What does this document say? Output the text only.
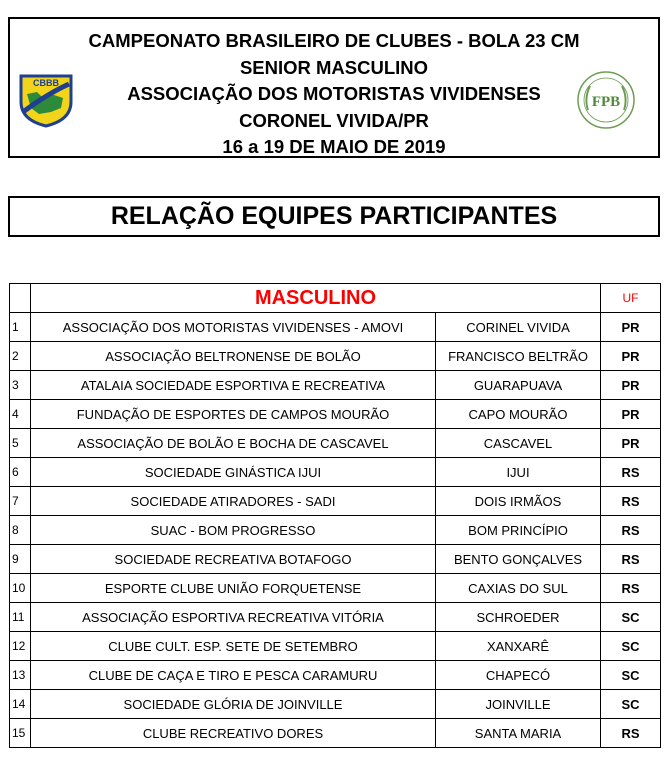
CAMPEONATO BRASILEIRO DE CLUBES - BOLA 23 CM
SENIOR MASCULINO
ASSOCIAÇÃO DOS MOTORISTAS VIVIDENSES
CORONEL VIVIDA/PR
16 a 19 DE MAIO DE 2019
CBBB
FPB
RELAÇÃO EQUIPES PARTICIPANTES
	MASCULINO		UF
1	ASSOCIAÇÃO DOS MOTORISTAS VIVIDENSES - AMOVI	CORINEL VIVIDA	PR
2	ASSOCIAÇÃO BELTRONENSE DE BOLÃO	FRANCISCO BELTRÃO	PR
3	ATALAIA SOCIEDADE ESPORTIVA E RECREATIVA	GUARAPUAVA	PR
4	FUNDAÇÃO DE ESPORTES DE CAMPOS MOURÃO	CAPO MOURÃO	PR
5	ASSOCIAÇÃO DE BOLÃO E BOCHA DE CASCAVEL	CASCAVEL	PR
6	SOCIEDADE GINÁSTICA IJUI	IJUI	RS
7	SOCIEDADE ATIRADORES - SADI	DOIS IRMÃOS	RS
8	SUAC - BOM PROGRESSO	BOM PRINCÍPIO	RS
9	SOCIEDADE RECREATIVA BOTAFOGO	BENTO GONÇALVES	RS
10	ESPORTE CLUBE UNIÃO FORQUETENSE	CAXIAS DO SUL	RS
11	ASSOCIAÇÃO ESPORTIVA RECREATIVA VITÓRIA	SCHROEDER	SC
12	CLUBE CULT. ESP. SETE DE SETEMBRO	XANXARÊ	SC
13	CLUBE DE CAÇA E TIRO E PESCA CARAMURU	CHAPECÓ	SC
14	SOCIEDADE GLÓRIA DE JOINVILLE	JOINVILLE	SC
15	CLUBE RECREATIVO DORES	SANTA MARIA	RS
